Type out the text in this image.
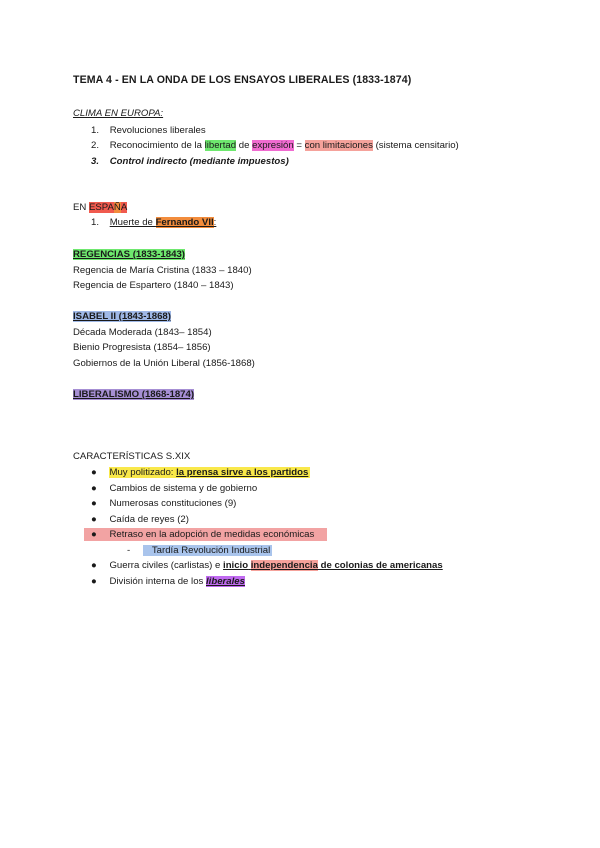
TEMA 4 - EN LA ONDA DE LOS ENSAYOS LIBERALES (1833-1874)
CLIMA EN EUROPA:
1. Revoluciones liberales
2. Reconocimiento de la libertad de expresión = con limitaciones (sistema censitario)
3. Control indirecto (mediante impuestos)
EN ESPAÑA
1. Muerte de Fernando VII:
REGENCIAS (1833-1843)
Regencia de María Cristina (1833 – 1840)
Regencia de Espartero (1840 – 1843)
ISABEL II (1843-1868)
Década Moderada (1843– 1854)
Bienio Progresista (1854– 1856)
Gobiernos de la Unión Liberal (1856-1868)
LIBERALISMO (1868-1874)
CARACTERÍSTICAS S.XIX
● Muy politizado: la prensa sirve a los partidos
● Cambios de sistema y de gobierno
● Numerosas constituciones (9)
● Caída de reyes (2)
● Retraso en la adopción de medidas económicas
- Tardía Revolución Industrial
● Guerra civiles (carlistas) e inicio independencia de colonias de americanas
● División interna de los liberales
